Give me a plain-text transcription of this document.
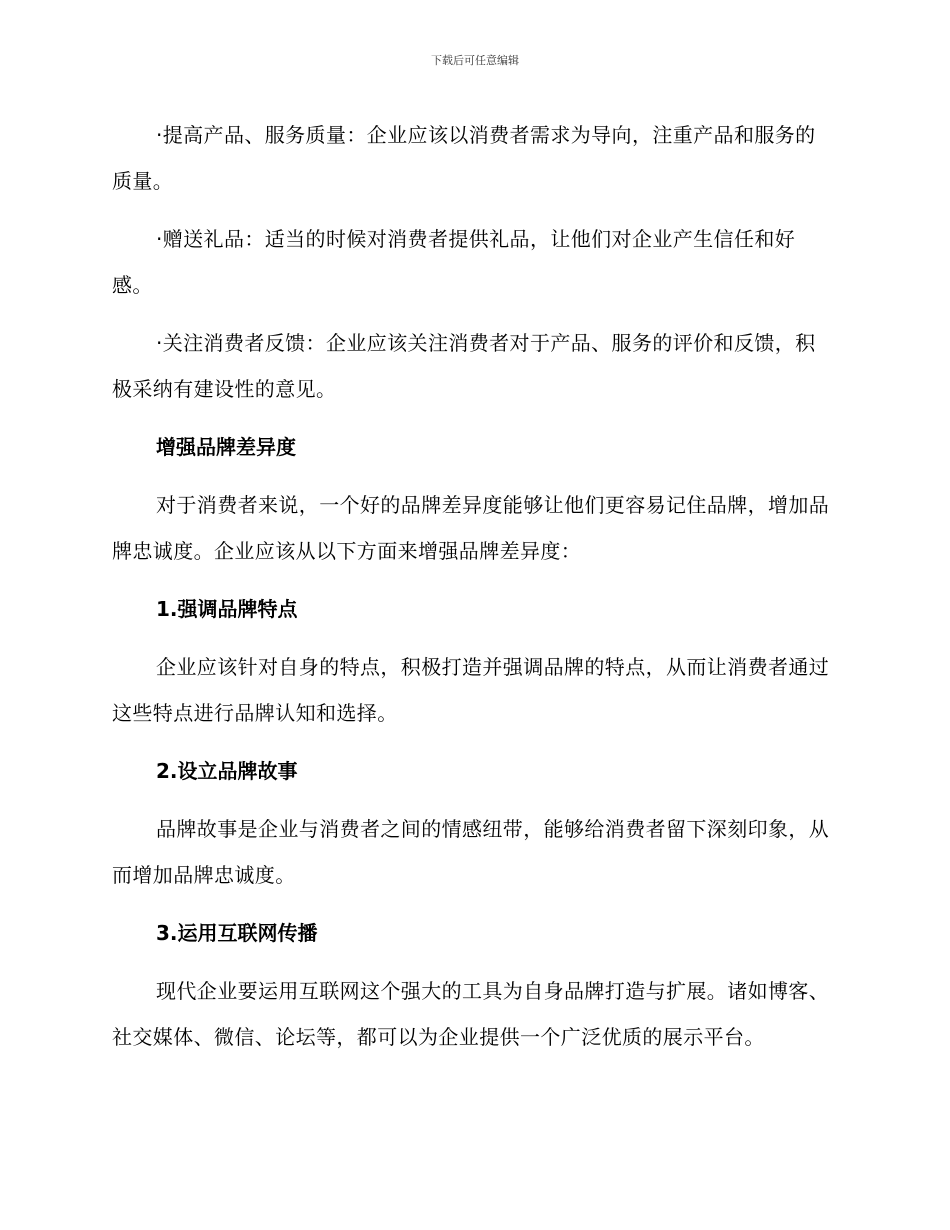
下载后可任意编辑

·提高产品、服务质量：企业应该以消费者需求为导向，注重产品和服务的质量。

·赠送礼品：适当的时候对消费者提供礼品，让他们对企业产生信任和好感。

·关注消费者反馈：企业应该关注消费者对于产品、服务的评价和反馈，积极采纳有建设性的意见。

增强品牌差异度

对于消费者来说，一个好的品牌差异度能够让他们更容易记住品牌，增加品牌忠诚度。企业应该从以下方面来增强品牌差异度：

1.强调品牌特点

企业应该针对自身的特点，积极打造并强调品牌的特点，从而让消费者通过这些特点进行品牌认知和选择。

2.设立品牌故事

品牌故事是企业与消费者之间的情感纽带，能够给消费者留下深刻印象，从而增加品牌忠诚度。

3.运用互联网传播

现代企业要运用互联网这个强大的工具为自身品牌打造与扩展。诸如博客、社交媒体、微信、论坛等，都可以为企业提供一个广泛优质的展示平台。
